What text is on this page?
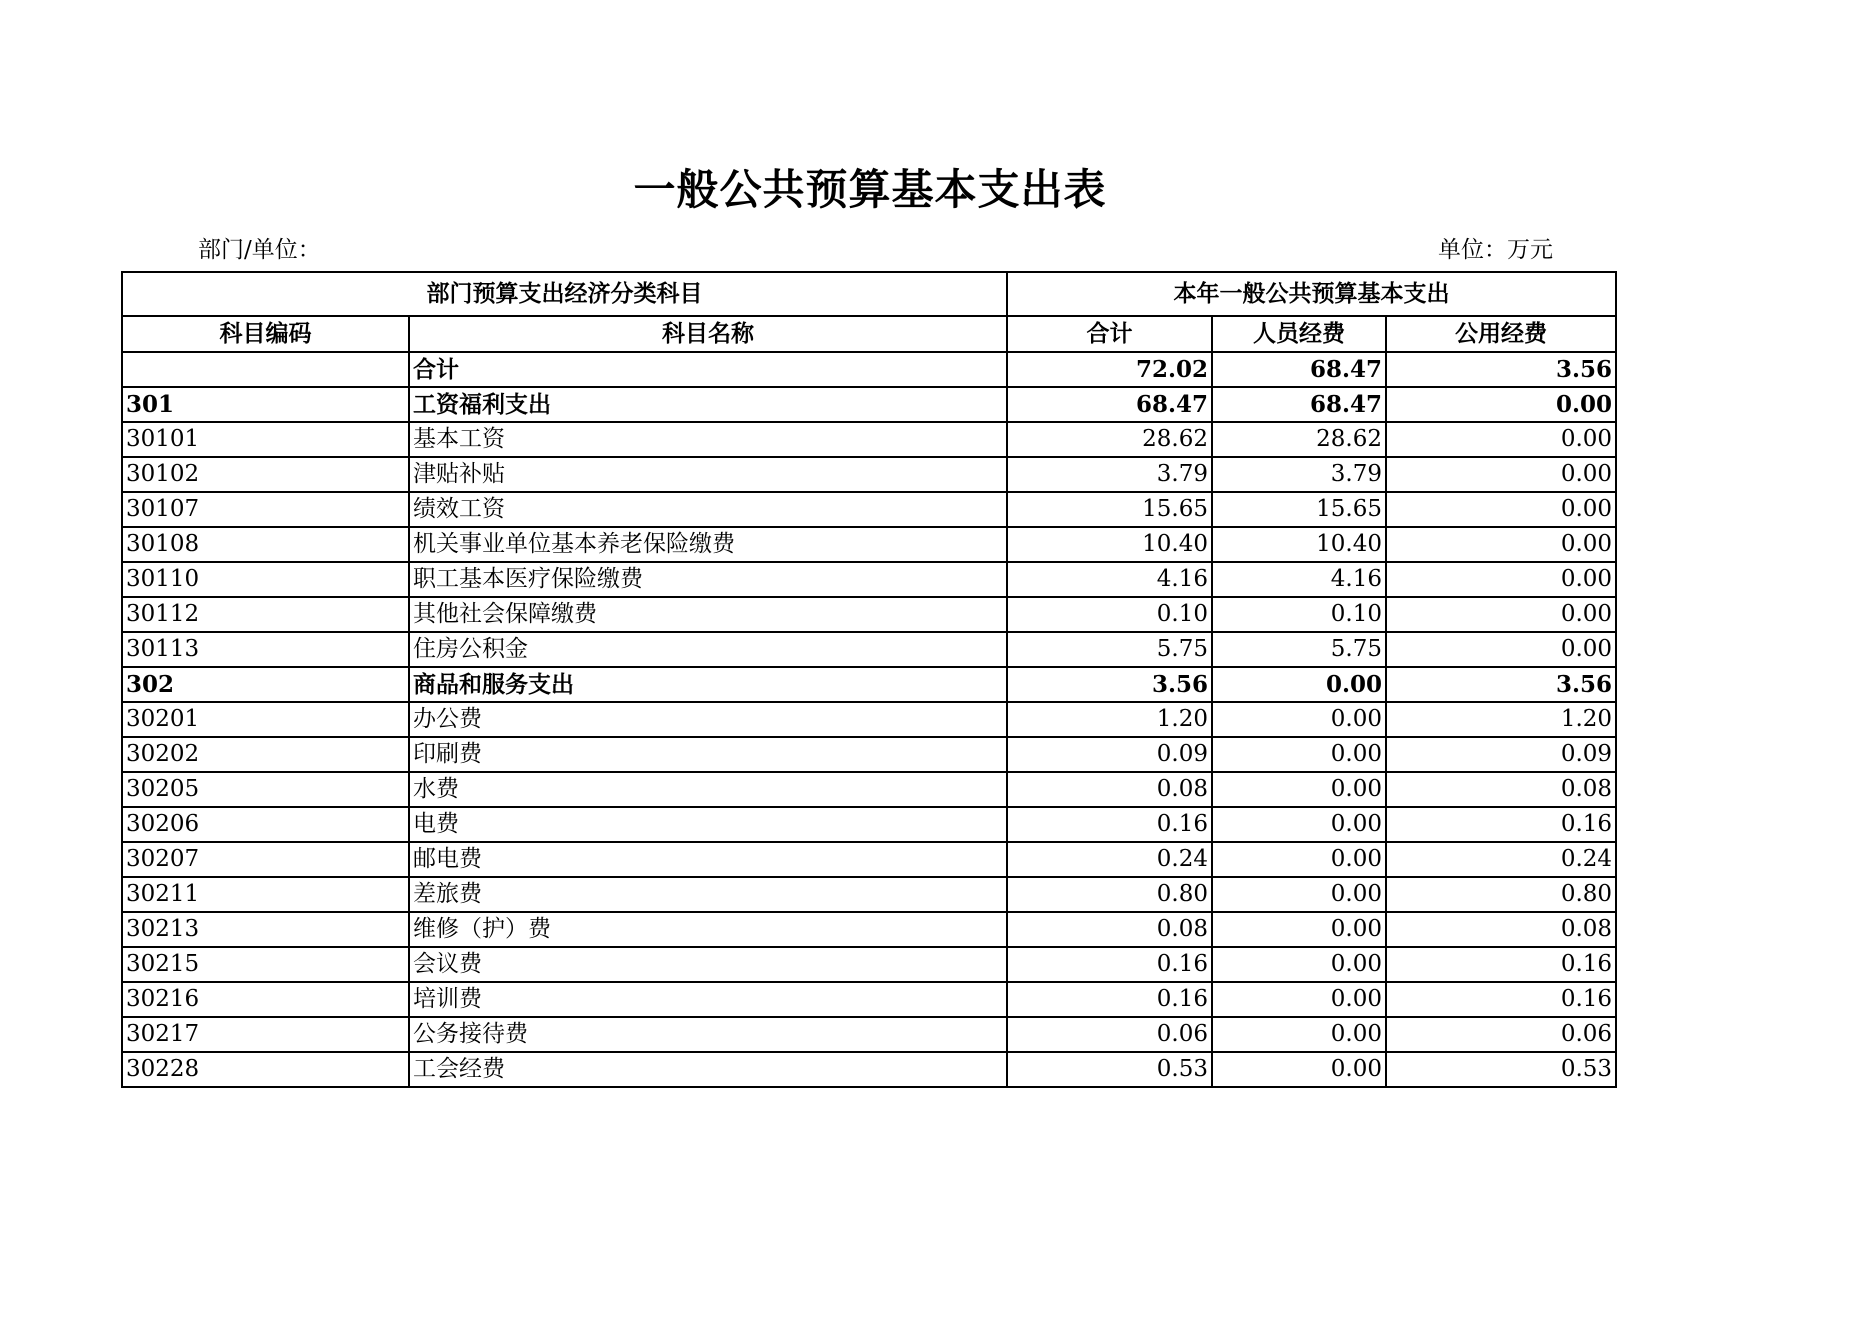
一般公共预算基本支出表
部门/单位：	单位：万元
部门预算支出经济分类科目		本年一般公共预算基本支出		
科目编码	科目名称	合计	人员经费	公用经费
	合计	72.02	68.47	3.56
301	工资福利支出	68.47	68.47	0.00
30101	基本工资	28.62	28.62	0.00
30102	津贴补贴	3.79	3.79	0.00
30107	绩效工资	15.65	15.65	0.00
30108	机关事业单位基本养老保险缴费	10.40	10.40	0.00
30110	职工基本医疗保险缴费	4.16	4.16	0.00
30112	其他社会保障缴费	0.10	0.10	0.00
30113	住房公积金	5.75	5.75	0.00
302	商品和服务支出	3.56	0.00	3.56
30201	办公费	1.20	0.00	1.20
30202	印刷费	0.09	0.00	0.09
30205	水费	0.08	0.00	0.08
30206	电费	0.16	0.00	0.16
30207	邮电费	0.24	0.00	0.24
30211	差旅费	0.80	0.00	0.80
30213	维修（护）费	0.08	0.00	0.08
30215	会议费	0.16	0.00	0.16
30216	培训费	0.16	0.00	0.16
30217	公务接待费	0.06	0.00	0.06
30228	工会经费	0.53	0.00	0.53
